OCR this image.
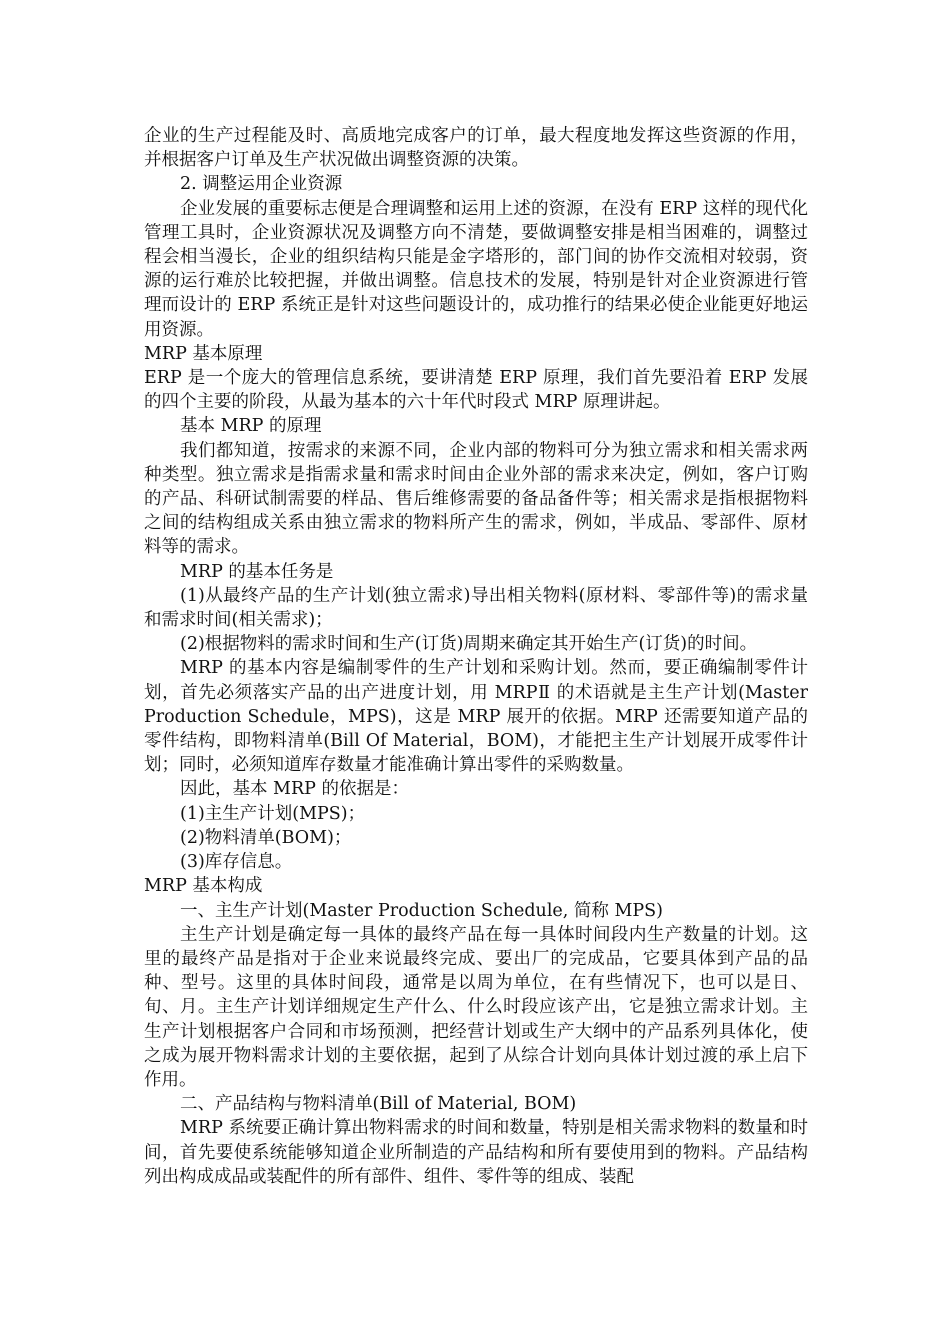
企业的生产过程能及时、高质地完成客户的订单，最大程度地发挥这些资源的作用，并根据客户订单及生产状况做出调整资源的决策。

2. 调整运用企业资源

企业发展的重要标志便是合理调整和运用上述的资源，在没有 ERP 这样的现代化管理工具时，企业资源状况及调整方向不清楚，要做调整安排是相当困难的，调整过程会相当漫长，企业的组织结构只能是金字塔形的，部门间的协作交流相对较弱，资源的运行难於比较把握，并做出调整。信息技术的发展，特别是针对企业资源进行管理而设计的 ERP 系统正是针对这些问题设计的，成功推行的结果必使企业能更好地运用资源。

MRP 基本原理

ERP 是一个庞大的管理信息系统，要讲清楚 ERP 原理，我们首先要沿着 ERP 发展的四个主要的阶段，从最为基本的六十年代时段式 MRP 原理讲起。

基本 MRP 的原理

我们都知道，按需求的来源不同，企业内部的物料可分为独立需求和相关需求两种类型。独立需求是指需求量和需求时间由企业外部的需求来决定，例如，客户订购的产品、科研试制需要的样品、售后维修需要的备品备件等；相关需求是指根据物料之间的结构组成关系由独立需求的物料所产生的需求，例如，半成品、零部件、原材料等的需求。

MRP 的基本任务是

(1)从最终产品的生产计划(独立需求)导出相关物料(原材料、零部件等)的需求量和需求时间(相关需求)；

(2)根据物料的需求时间和生产(订货)周期来确定其开始生产(订货)的时间。

MRP 的基本内容是编制零件的生产计划和采购计划。然而，要正确编制零件计划，首先必须落实产品的出产进度计划，用 MRPⅡ 的术语就是主生产计划(Master Production Schedule，MPS)，这是 MRP 展开的依据。MRP 还需要知道产品的零件结构，即物料清单(Bill Of Material，BOM)，才能把主生产计划展开成零件计划；同时，必须知道库存数量才能准确计算出零件的采购数量。

因此，基本 MRP 的依据是：

(1)主生产计划(MPS)；

(2)物料清单(BOM)；

(3)库存信息。

MRP 基本构成

一、主生产计划(Master Production Schedule, 简称 MPS)

主生产计划是确定每一具体的最终产品在每一具体时间段内生产数量的计划。这里的最终产品是指对于企业来说最终完成、要出厂的完成品，它要具体到产品的品种、型号。这里的具体时间段，通常是以周为单位，在有些情况下，也可以是日、旬、月。主生产计划详细规定生产什么、什么时段应该产出，它是独立需求计划。主生产计划根据客户合同和市场预测，把经营计划或生产大纲中的产品系列具体化，使之成为展开物料需求计划的主要依据，起到了从综合计划向具体计划过渡的承上启下作用。

二、产品结构与物料清单(Bill of Material, BOM)

MRP 系统要正确计算出物料需求的时间和数量，特别是相关需求物料的数量和时间，首先要使系统能够知道企业所制造的产品结构和所有要使用到的物料。产品结构列出构成成品或装配件的所有部件、组件、零件等的组成、装配
